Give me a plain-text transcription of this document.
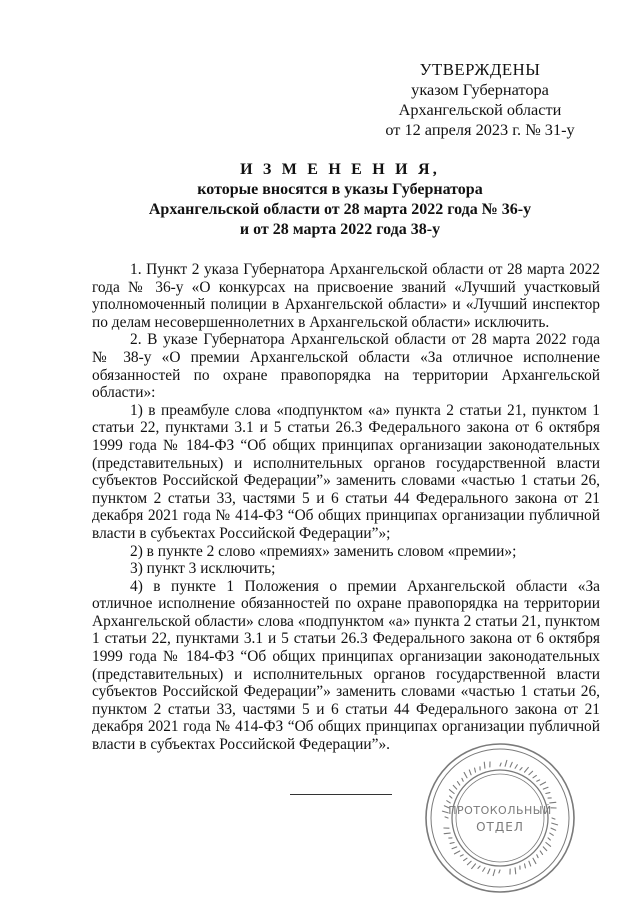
УТВЕРЖДЕНЫ
указом Губернатора
Архангельской области
от 12 апреля 2023 г. № 31-у
И З М Е Н Е Н И Я,
которые вносятся в указы Губернатора
Архангельской области от 28 марта 2022 года № 36-у
и от 28 марта 2022 года 38-у

1. Пункт 2 указа Губернатора Архангельской области от 28 марта 2022 года № 36-у «О конкурсах на присвоение званий «Лучший участковый уполномоченный полиции в Архангельской области» и «Лучший инспектор по делам несовершеннолетних в Архангельской области» исключить.

2. В указе Губернатора Архангельской области от 28 марта 2022 года № 38-у «О премии Архангельской области «За отличное исполнение обязанностей по охране правопорядка на территории Архангельской области»:

1) в преамбуле слова «подпунктом «а» пункта 2 статьи 21, пунктом 1 статьи 22, пунктами 3.1 и 5 статьи 26.3 Федерального закона от 6 октября 1999 года № 184-ФЗ “Об общих принципах организации законодательных (представительных) и исполнительных органов государственной власти субъектов Российской Федерации”» заменить словами «частью 1 статьи 26, пунктом 2 статьи 33, частями 5 и 6 статьи 44 Федерального закона от 21 декабря 2021 года № 414-ФЗ “Об общих принципах организации публичной власти в субъектах Российской Федерации”»;

2) в пункте 2 слово «премиях» заменить словом «премии»;

3) пункт 3 исключить;

4) в пункте 1 Положения о премии Архангельской области «За отличное исполнение обязанностей по охране правопорядка на территории Архангельской области» слова «подпунктом «а» пункта 2 статьи 21, пунктом 1 статьи 22, пунктами 3.1 и 5 статьи 26.3 Федерального закона от 6 октября 1999 года № 184-ФЗ “Об общих принципах организации законодательных (представительных) и исполнительных органов государственной власти субъектов Российской Федерации”» заменить словами «частью 1 статьи 26, пунктом 2 статьи 33, частями 5 и 6 статьи 44 Федерального закона от 21 декабря 2021 года № 414-ФЗ “Об общих принципах организации публичной власти в субъектах Российской Федерации”».

ПРОТОКОЛЬНЫЙ
ОТДЕЛ
